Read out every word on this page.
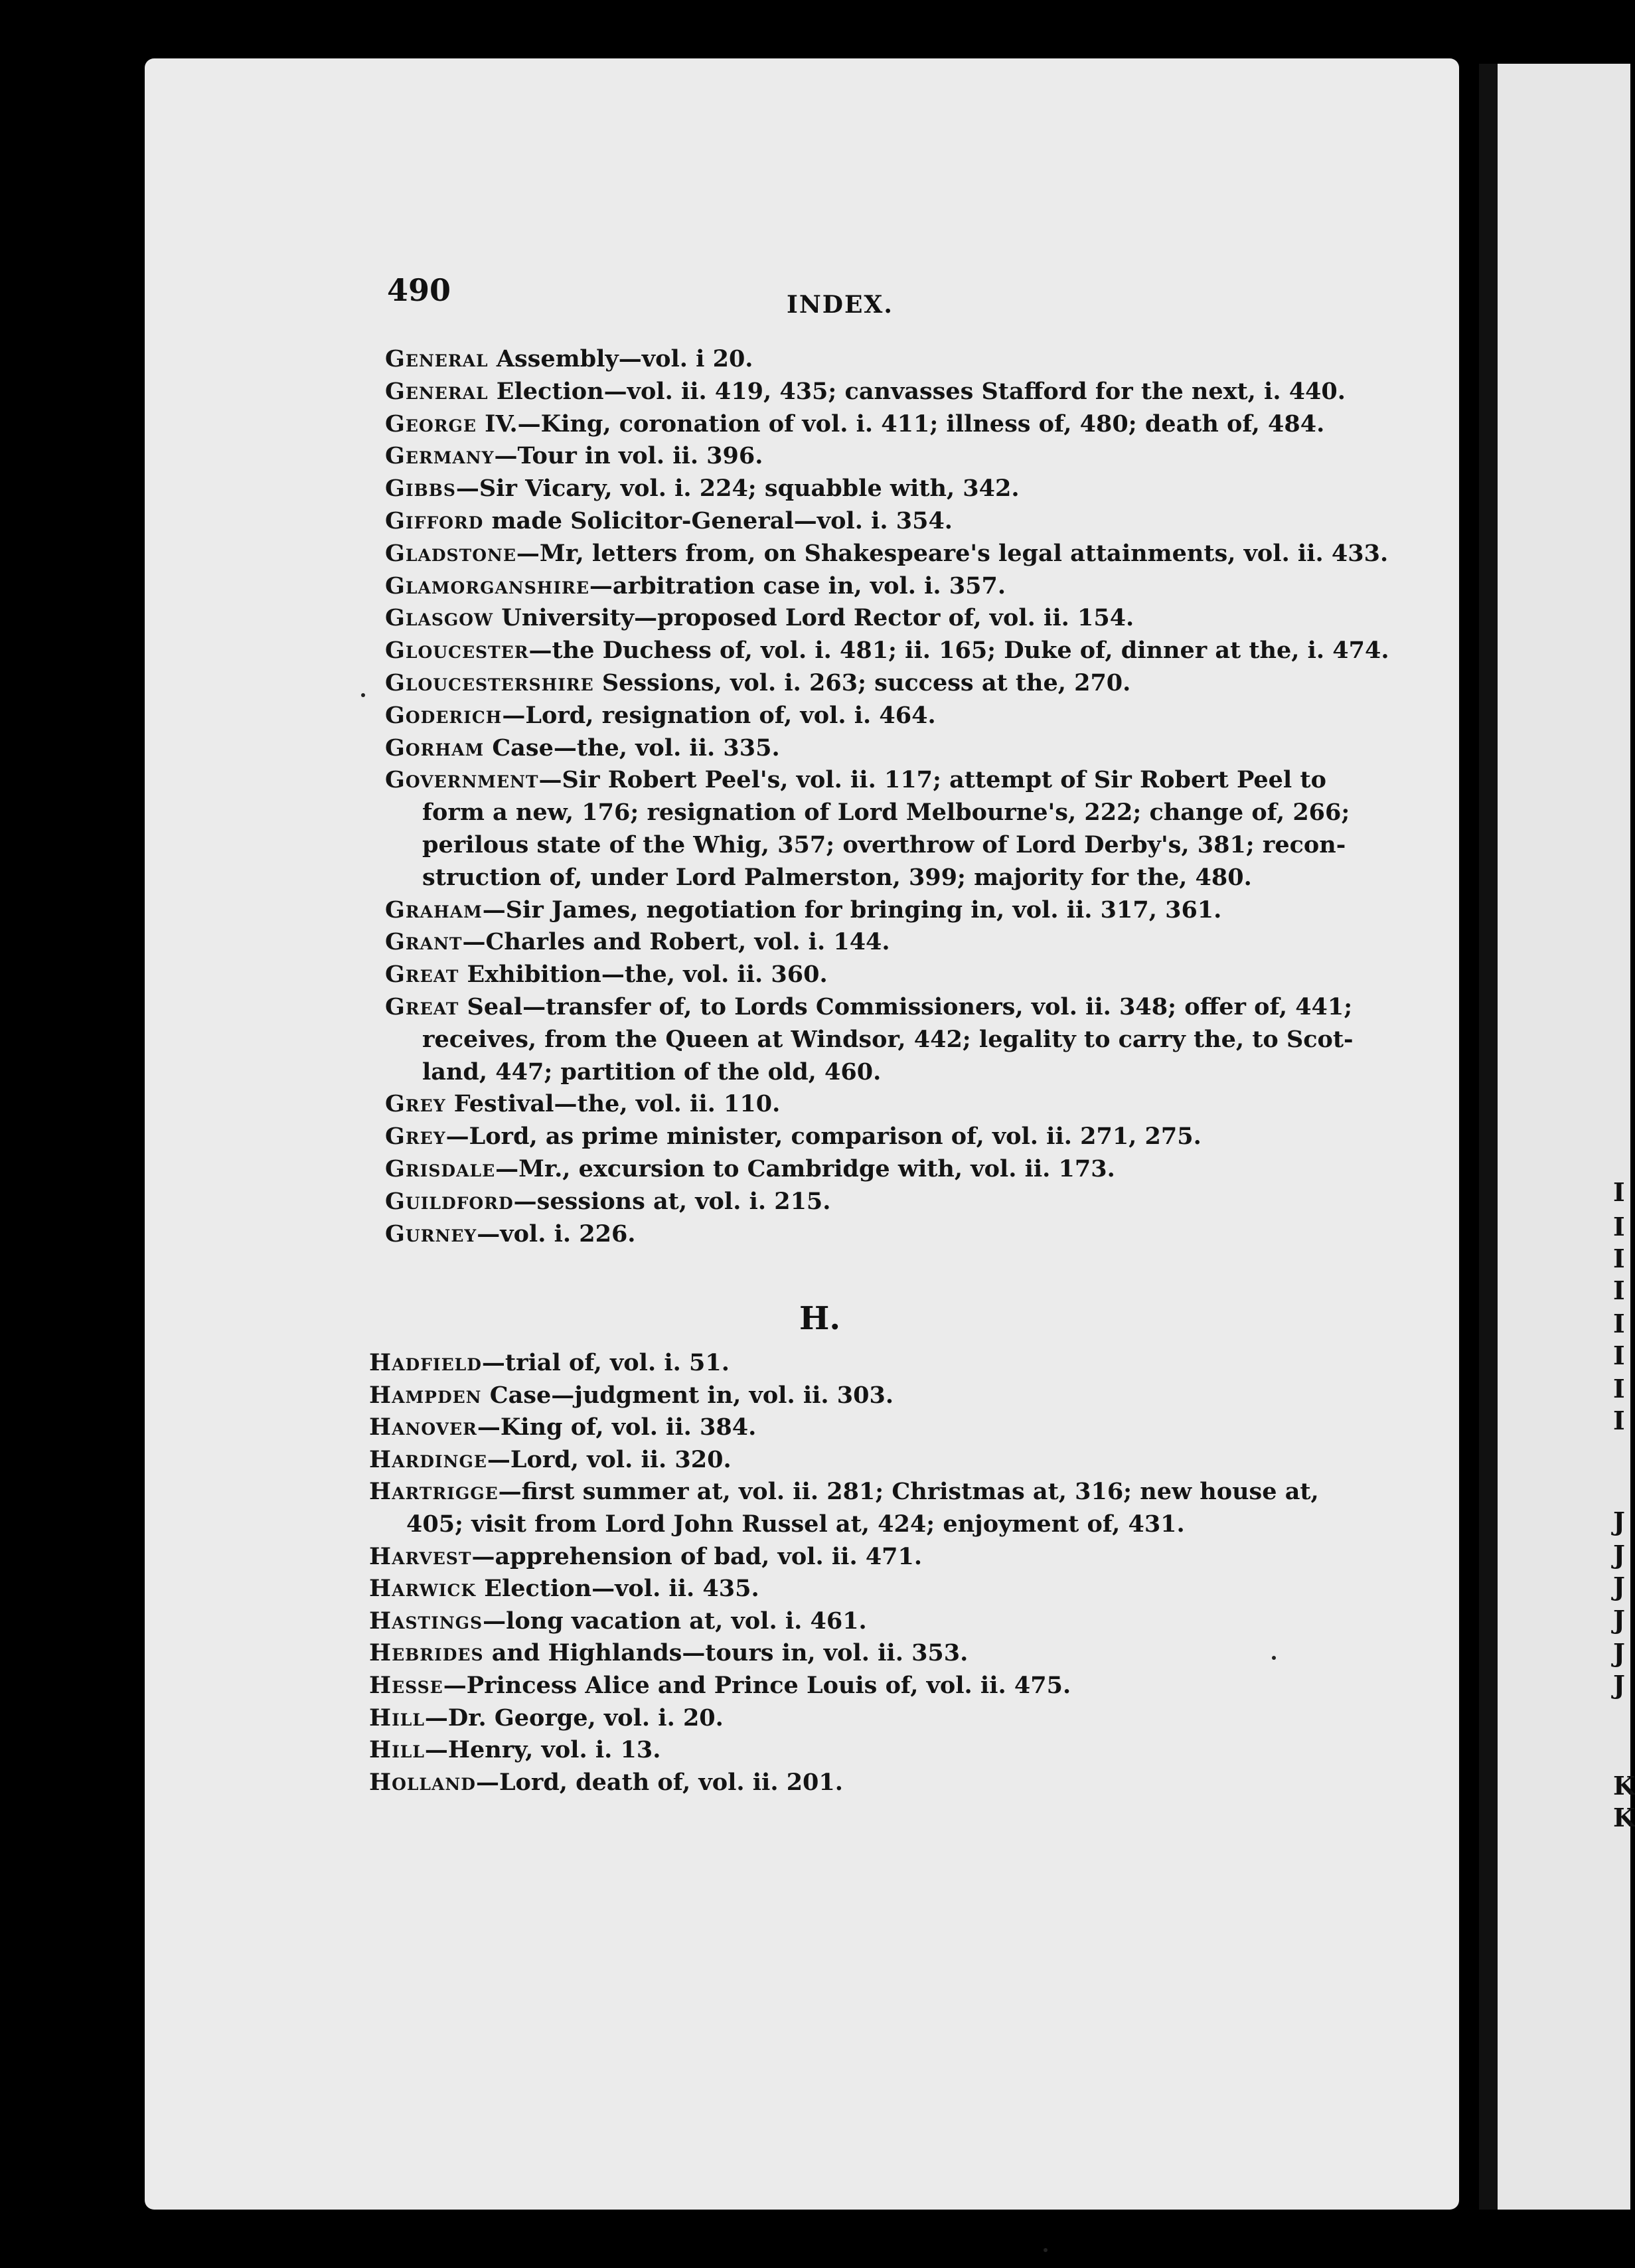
I
I
I
I
I
I
I
I
J
J
J
J
J
J
K
K
490	INDEX.
General Assembly—vol. i 20.
General Election—vol. ii. 419, 435; canvasses Stafford for the next, i. 440.
George IV.—King, coronation of vol. i. 411; illness of, 480; death of, 484.
Germany—Tour in vol. ii. 396.
Gibbs—Sir Vicary, vol. i. 224; squabble with, 342.
Gifford made Solicitor-General—vol. i. 354.
Gladstone—Mr, letters from, on Shakespeare's legal attainments, vol. ii. 433.
Glamorganshire—arbitration case in, vol. i. 357.
Glasgow University—proposed Lord Rector of, vol. ii. 154.
Gloucester—the Duchess of, vol. i. 481; ii. 165; Duke of, dinner at the, i. 474.
Gloucestershire Sessions, vol. i. 263; success at the, 270.
Goderich—Lord, resignation of, vol. i. 464.
Gorham Case—the, vol. ii. 335.
Government—Sir Robert Peel's, vol. ii. 117; attempt of Sir Robert Peel to
form a new, 176; resignation of Lord Melbourne's, 222; change of, 266;
perilous state of the Whig, 357; overthrow of Lord Derby's, 381; recon-
struction of, under Lord Palmerston, 399; majority for the, 480.
Graham—Sir James, negotiation for bringing in, vol. ii. 317, 361.
Grant—Charles and Robert, vol. i. 144.
Great Exhibition—the, vol. ii. 360.
Great Seal—transfer of, to Lords Commissioners, vol. ii. 348; offer of, 441;
receives, from the Queen at Windsor, 442; legality to carry the, to Scot-
land, 447; partition of the old, 460.
Grey Festival—the, vol. ii. 110.
Grey—Lord, as prime minister, comparison of, vol. ii. 271, 275.
Grisdale—Mr., excursion to Cambridge with, vol. ii. 173.
Guildford—sessions at, vol. i. 215.
Gurney—vol. i. 226.
H.
Hadfield—trial of, vol. i. 51.
Hampden Case—judgment in, vol. ii. 303.
Hanover—King of, vol. ii. 384.
Hardinge—Lord, vol. ii. 320.
Hartrigge—first summer at, vol. ii. 281; Christmas at, 316; new house at,
405; visit from Lord John Russel at, 424; enjoyment of, 431.
Harvest—apprehension of bad, vol. ii. 471.
Harwick Election—vol. ii. 435.
Hastings—long vacation at, vol. i. 461.
Hebrides and Highlands—tours in, vol. ii. 353.
Hesse—Princess Alice and Prince Louis of, vol. ii. 475.
Hill—Dr. George, vol. i. 20.
Hill—Henry, vol. i. 13.
Holland—Lord, death of, vol. ii. 201.
